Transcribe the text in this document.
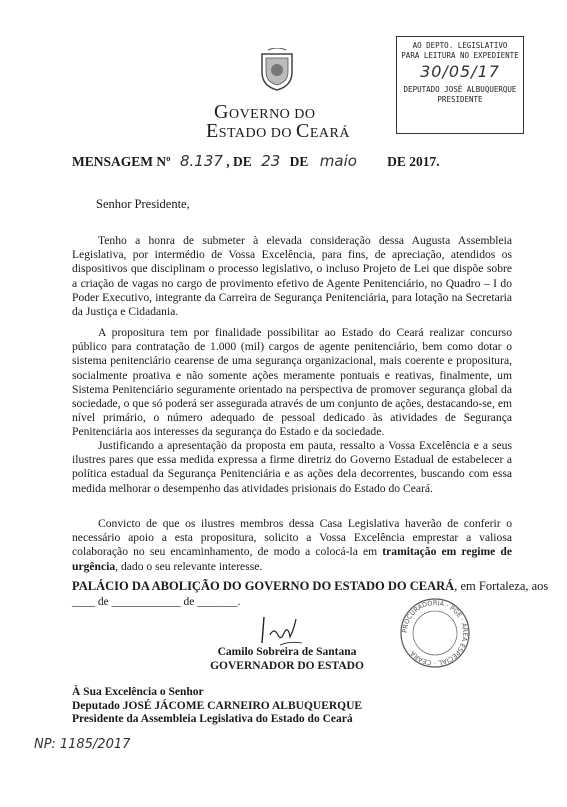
GOVERNO DO
ESTADO DO CEARÁ
AO DEPTO. LEGISLATIVO
PARA LEITURA NO EXPEDIENTE
30/05/17
DEPUTADO JOSÉ ALBUQUERQUE
PRESIDENTE
MENSAGEM Nº 8.137 , DE 23 DE maio DE 2017.
Senhor Presidente,

Tenho a honra de submeter à elevada consideração dessa Augusta Assembleia Legislativa, por intermédio de Vossa Excelência, para fins, de apreciação, atendidos os dispositivos que disciplinam o processo legislativo, o incluso Projeto de Lei que dispõe sobre a criação de vagas no cargo de provimento efetivo de Agente Penitenciário, no Quadro – I do Poder Executivo, integrante da Carreira de Segurança Penitenciária, para lotação na Secretaria da Justiça e Cidadania.

A propositura tem por finalidade possibilitar ao Estado do Ceará realizar concurso público para contratação de 1.000 (mil) cargos de agente penitenciário, bem como dotar o sistema penitenciário cearense de uma segurança organizacional, mais coerente e propositura, socialmente proativa e não somente ações meramente pontuais e reativas, finalmente, um Sistema Penitenciário seguramente orientado na perspectiva de promover segurança global da sociedade, o que só poderá ser assegurada através de um conjunto de ações, destacando-se, em nível primário, o número adequado de pessoal dedicado às atividades de Segurança Penitenciária aos interesses da segurança do Estado e da sociedade.

Justificando a apresentação da proposta em pauta, ressalto a Vossa Excelência e a seus ilustres pares que essa medida expressa a firme diretriz do Governo Estadual de estabelecer a política estadual da Segurança Penitenciária e as ações dela decorrentes, buscando com essa medida melhorar o desempenho das atividades prisionais do Estado do Ceará.

Convicto de que os ilustres membros dessa Casa Legislativa haverão de conferir o necessário apoio a esta propositura, solicito a Vossa Excelência emprestar a valiosa colaboração no seu encaminhamento, de modo a colocá-la em tramitação em regime de urgência, dado o seu relevante interesse.

PALÁCIO DA ABOLIÇÃO DO GOVERNO DO ESTADO DO CEARÁ, em Fortaleza, aos
____ de ____________ de _______.
Camilo Sobreira de Santana
GOVERNADOR DO ESTADO
PROCURADORIA · PGE · ÁREA ESPECIAL · CEARÁ
À Sua Excelência o Senhor
Deputado JOSÉ JÁCOME CARNEIRO ALBUQUERQUE
Presidente da Assembleia Legislativa do Estado do Ceará
NP: 1185/2017
